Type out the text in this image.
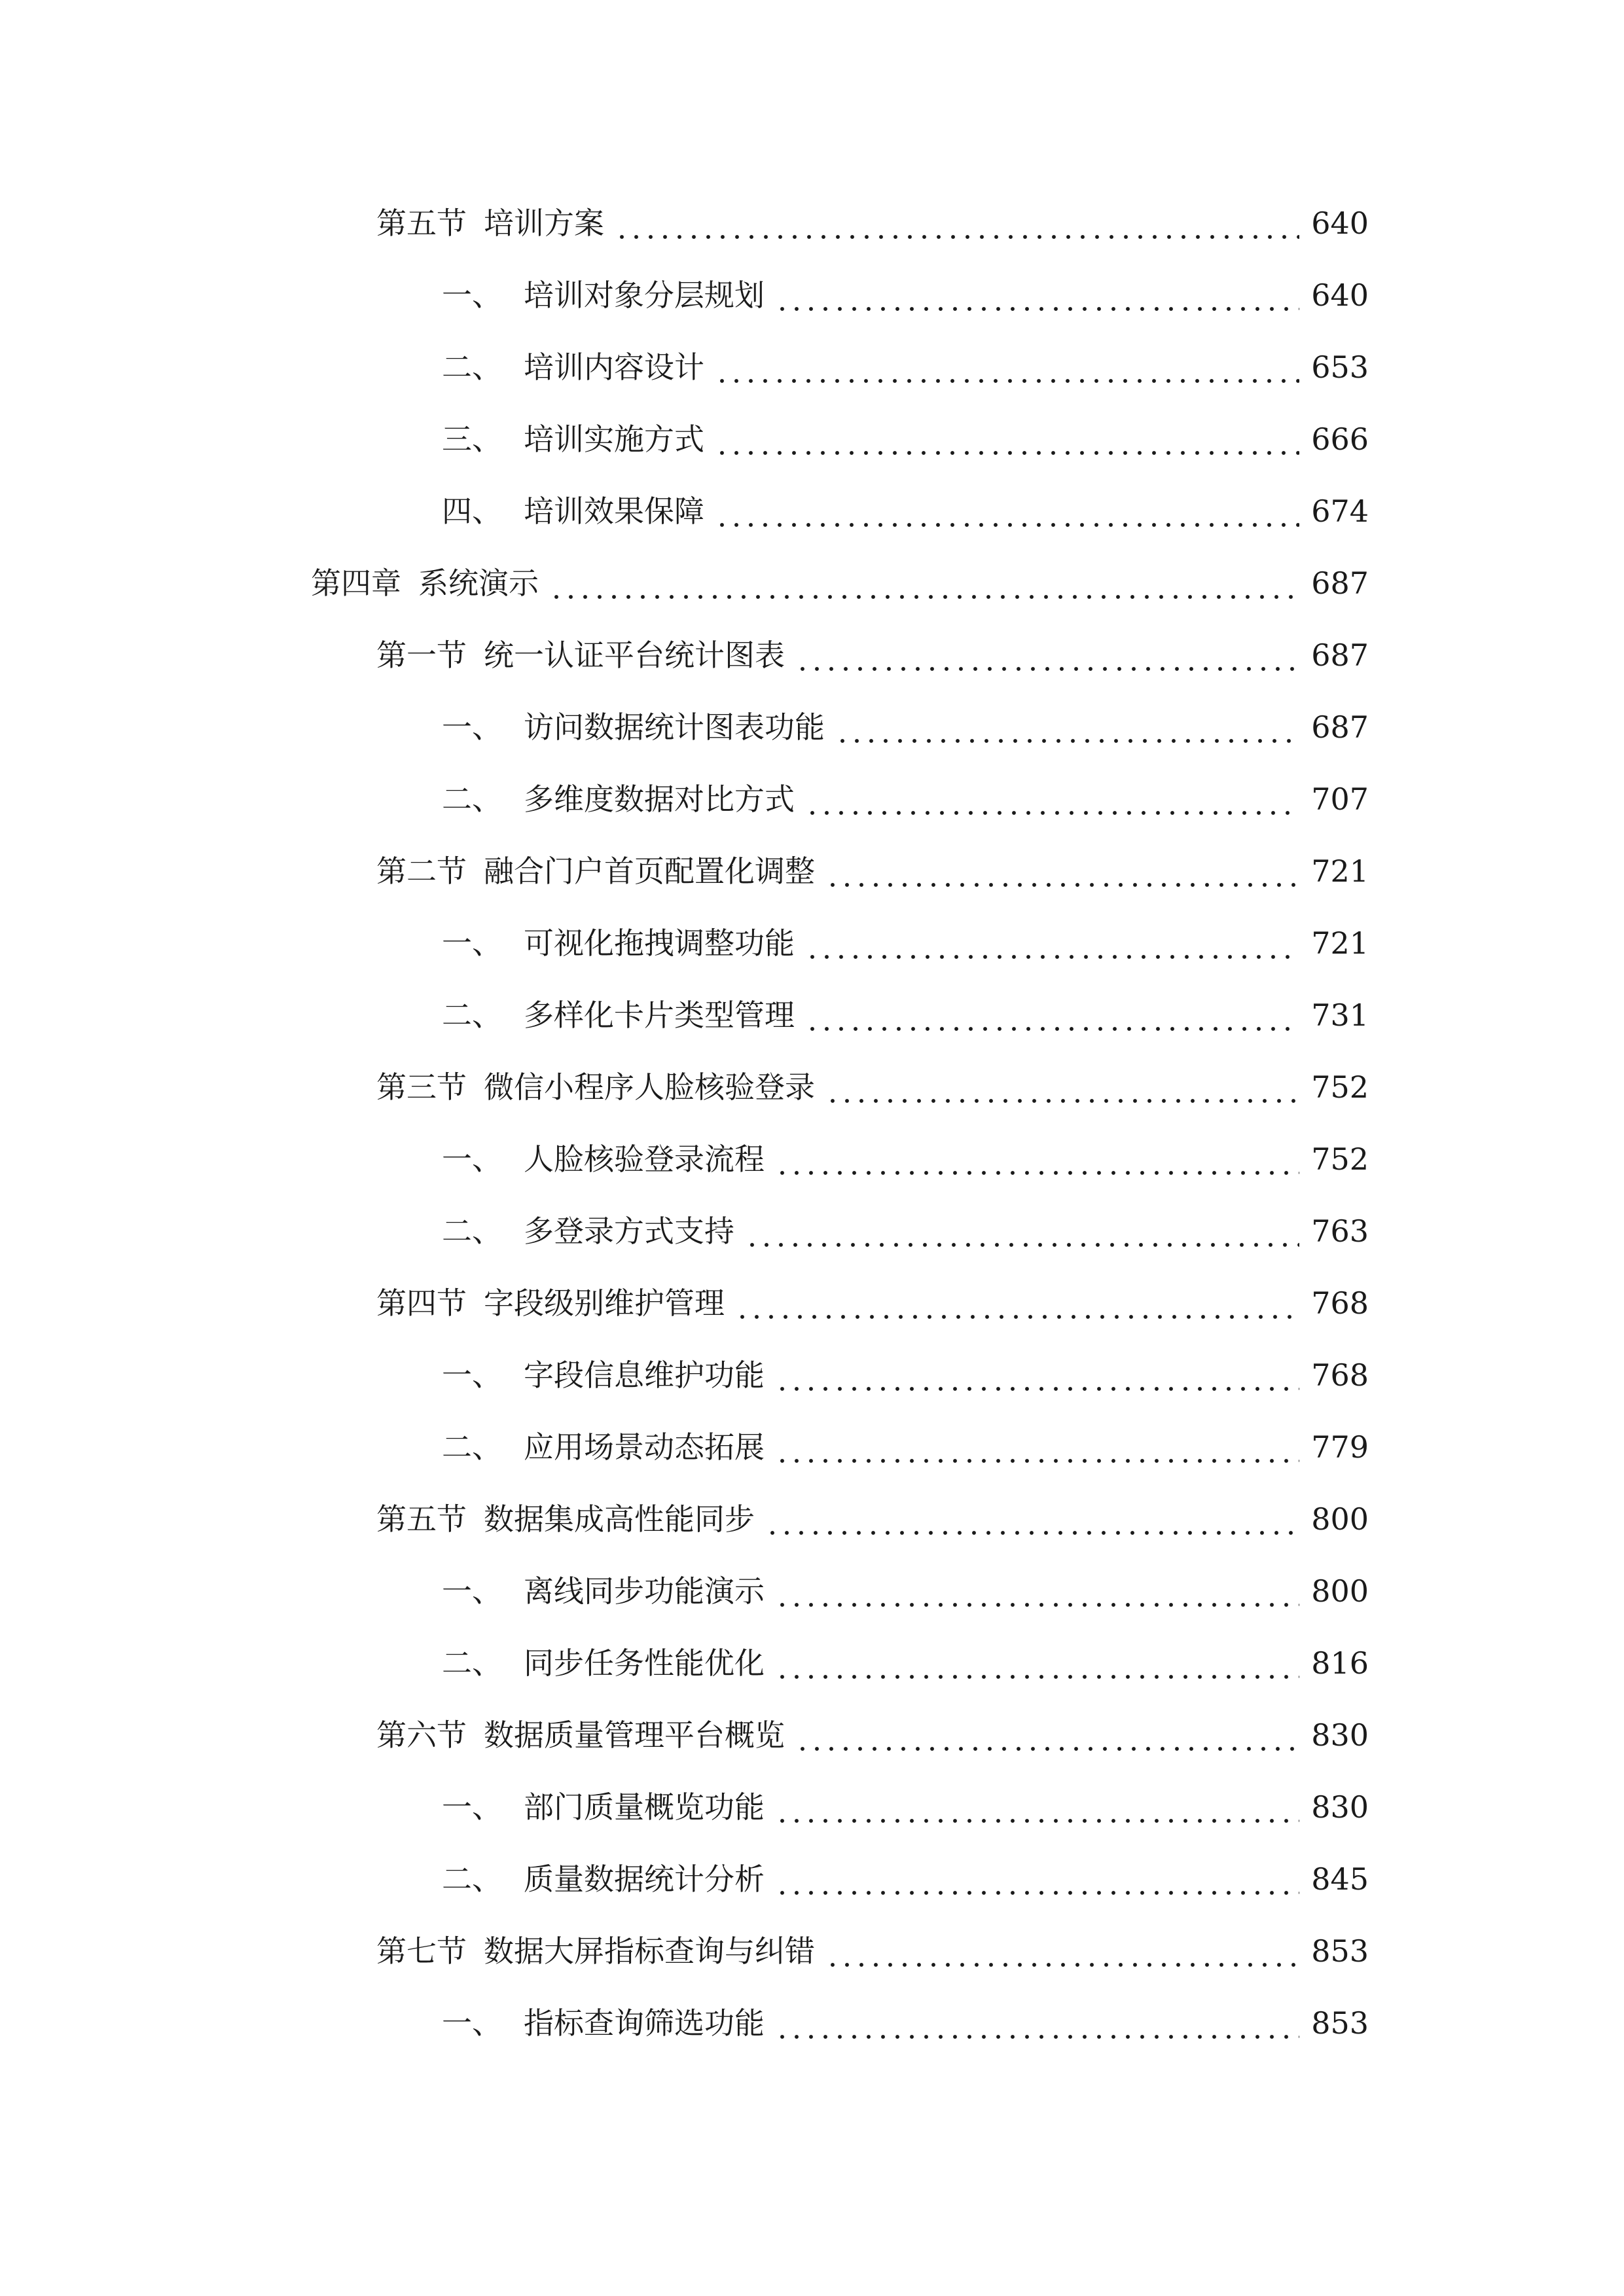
第五节 培训方案	640
一、 培训对象分层规划	640
二、 培训内容设计	653
三、 培训实施方式	666
四、 培训效果保障	674
第四章 系统演示	687
第一节 统一认证平台统计图表	687
一、 访问数据统计图表功能	687
二、 多维度数据对比方式	707
第二节 融合门户首页配置化调整	721
一、 可视化拖拽调整功能	721
二、 多样化卡片类型管理	731
第三节 微信小程序人脸核验登录	752
一、 人脸核验登录流程	752
二、 多登录方式支持	763
第四节 字段级别维护管理	768
一、 字段信息维护功能	768
二、 应用场景动态拓展	779
第五节 数据集成高性能同步	800
一、 离线同步功能演示	800
二、 同步任务性能优化	816
第六节 数据质量管理平台概览	830
一、 部门质量概览功能	830
二、 质量数据统计分析	845
第七节 数据大屏指标查询与纠错	853
一、 指标查询筛选功能	853
